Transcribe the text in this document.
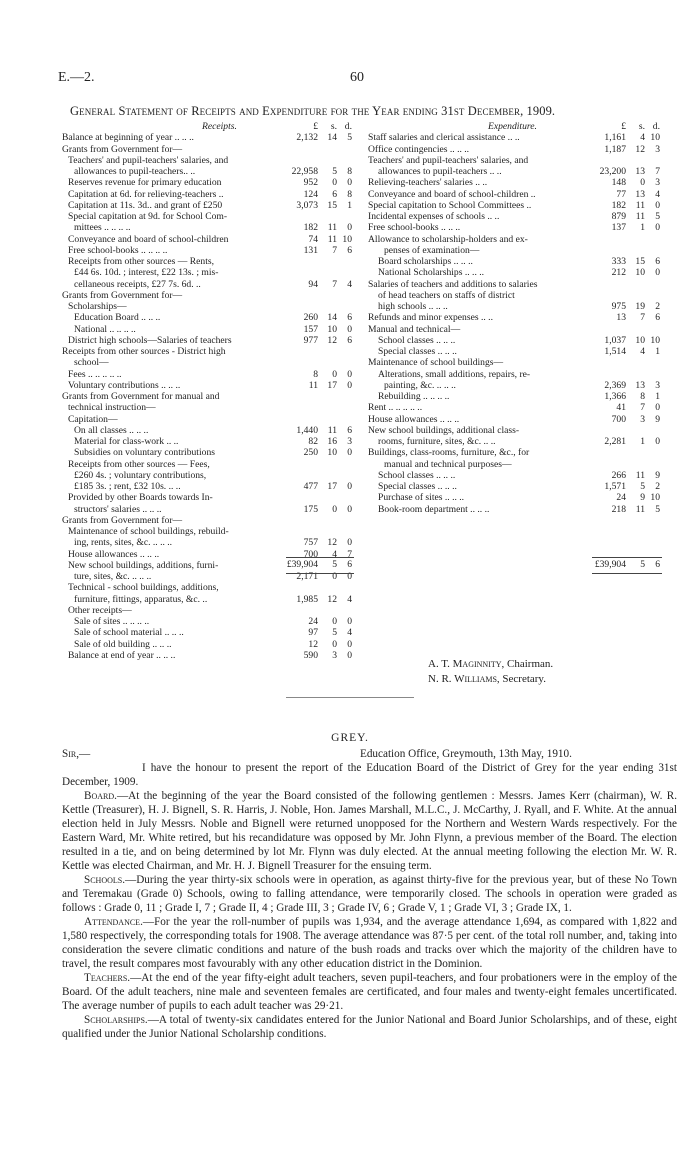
E.—2.	60
General Statement of Receipts and Expenditure for the Year ending 31st December, 1909.
Receipts.	£ s. d.
Balance at beginning of year .. .. ..	2,132 14 5
Grants from Government for—
Teachers' and pupil-teachers' salaries, and
allowances to pupil-teachers.. ..	22,958 5 8
Reserves revenue for primary education	952 0 0
Capitation at 6d. for relieving-teachers ..	124 6 8
Capitation at 11s. 3d.. and grant of £250	3,073 15 1
Special capitation at 9d. for School Com-
mittees .. .. .. ..	182 11 0
Conveyance and board of school-children	74 11 10
Free school-books .. .. .. ..	131 7 6
Receipts from other sources — Rents,
£44 6s. 10d. ; interest, £22 13s. ; mis-
cellaneous receipts, £27 7s. 6d. ..	94 7 4
Grants from Government for—
Scholarships—
Education Board .. .. ..	260 14 6
National .. .. .. ..	157 10 0
District high schools—Salaries of teachers	977 12 6
Receipts from other sources - District high
school—
Fees .. .. .. .. ..	8 0 0
Voluntary contributions .. .. ..	11 17 0
Grants from Government for manual and
technical instruction—
Capitation—
On all classes .. .. ..	1,440 11 6
Material for class-work .. ..	82 16 3
Subsidies on voluntary contributions	250 10 0
Receipts from other sources — Fees,
£260 4s. ; voluntary contributions,
£185 3s. ; rent, £32 10s. .. ..	477 17 0
Provided by other Boards towards In-
structors' salaries .. .. ..	175 0 0
Grants from Government for—
Maintenance of school buildings, rebuild-
ing, rents, sites, &c. .. .. ..	757 12 0
House allowances .. .. ..	700 4 7
New school buildings, additions, furni-
ture, sites, &c. .. .. ..	2,171 0 0
Technical - school buildings, additions,
furniture, fittings, apparatus, &c. ..	1,985 12 4
Other receipts—
Sale of sites .. .. .. ..	24 0 0
Sale of school material .. .. ..	97 5 4
Sale of old building .. .. ..	12 0 0
Balance at end of year .. .. ..	590 3 0
Expenditure.	£ s. d.
Staff salaries and clerical assistance .. ..	1,161 4 10
Office contingencies .. .. ..	1,187 12 3
Teachers' and pupil-teachers' salaries, and
allowances to pupil-teachers .. ..	23,200 13 7
Relieving-teachers' salaries .. ..	148 0 3
Conveyance and board of school-children ..	77 13 4
Special capitation to School Committees ..	182 11 0
Incidental expenses of schools .. ..	879 11 5
Free school-books .. .. ..	137 1 0
Allowance to scholarship-holders and ex-
penses of examination—
Board scholarships .. .. ..	333 15 6
National Scholarships .. .. ..	212 10 0
Salaries of teachers and additions to salaries
of head teachers on staffs of district
high schools .. .. ..	975 19 2
Refunds and minor expenses .. ..	13 7 6
Manual and technical—
School classes .. .. ..	1,037 10 10
Special classes .. .. ..	1,514 4 1
Maintenance of school buildings—
Alterations, small additions, repairs, re-
painting, &c. .. .. ..	2,369 13 3
Rebuilding .. .. .. ..	1,366 8 1
Rent .. .. .. .. ..	41 7 0
House allowances .. .. ..	700 3 9
New school buildings, additional class-
rooms, furniture, sites, &c. .. ..	2,281 1 0
Buildings, class-rooms, furniture, &c., for
manual and technical purposes—
School classes .. .. ..	266 11 9
Special classes .. .. ..	1,571 5 2
Purchase of sites .. .. ..	24 9 10
Book-room department .. .. ..	218 11 5
£39,904 5 6	£39,904 5 6
A. T. Maginnity, Chairman.
N. R. Williams, Secretary.
GREY.
Sir,—	Education Office, Greymouth, 13th May, 1910.

I have the honour to present the report of the Education Board of the District of Grey for the year ending 31st December, 1909.

Board.—At the beginning of the year the Board consisted of the following gentlemen : Messrs. James Kerr (chairman), W. R. Kettle (Treasurer), H. J. Bignell, S. R. Harris, J. Noble, Hon. James Marshall, M.L.C., J. McCarthy, J. Ryall, and F. White. At the annual election held in July Messrs. Noble and Bignell were returned unopposed for the Northern and Western Wards respectively. For the Eastern Ward, Mr. White retired, but his recandidature was opposed by Mr. John Flynn, a previous member of the Board. The election resulted in a tie, and on being determined by lot Mr. Flynn was duly elected. At the annual meeting following the election Mr. W. R. Kettle was elected Chairman, and Mr. H. J. Bignell Treasurer for the ensuing term.

Schools.—During the year thirty-six schools were in operation, as against thirty-five for the previous year, but of these No Town and Teremakau (Grade 0) Schools, owing to falling attendance, were temporarily closed. The schools in operation were graded as follows : Grade 0, 11 ; Grade I, 7 ; Grade II, 4 ; Grade III, 3 ; Grade IV, 6 ; Grade V, 1 ; Grade VI, 3 ; Grade IX, 1.

Attendance.—For the year the roll-number of pupils was 1,934, and the average attendance 1,694, as compared with 1,822 and 1,580 respectively, the corresponding totals for 1908. The average attendance was 87·5 per cent. of the total roll number, and, taking into consideration the severe climatic conditions and nature of the bush roads and tracks over which the majority of the children have to travel, the result compares most favourably with any other education district in the Dominion.

Teachers.—At the end of the year fifty-eight adult teachers, seven pupil-teachers, and four probationers were in the employ of the Board. Of the adult teachers, nine male and seventeen females are certificated, and four males and twenty-eight females uncertificated. The average number of pupils to each adult teacher was 29·21.

Scholarships.—A total of twenty-six candidates entered for the Junior National and Board Junior Scholarships, and of these, eight qualified under the Junior National Scholarship conditions.
